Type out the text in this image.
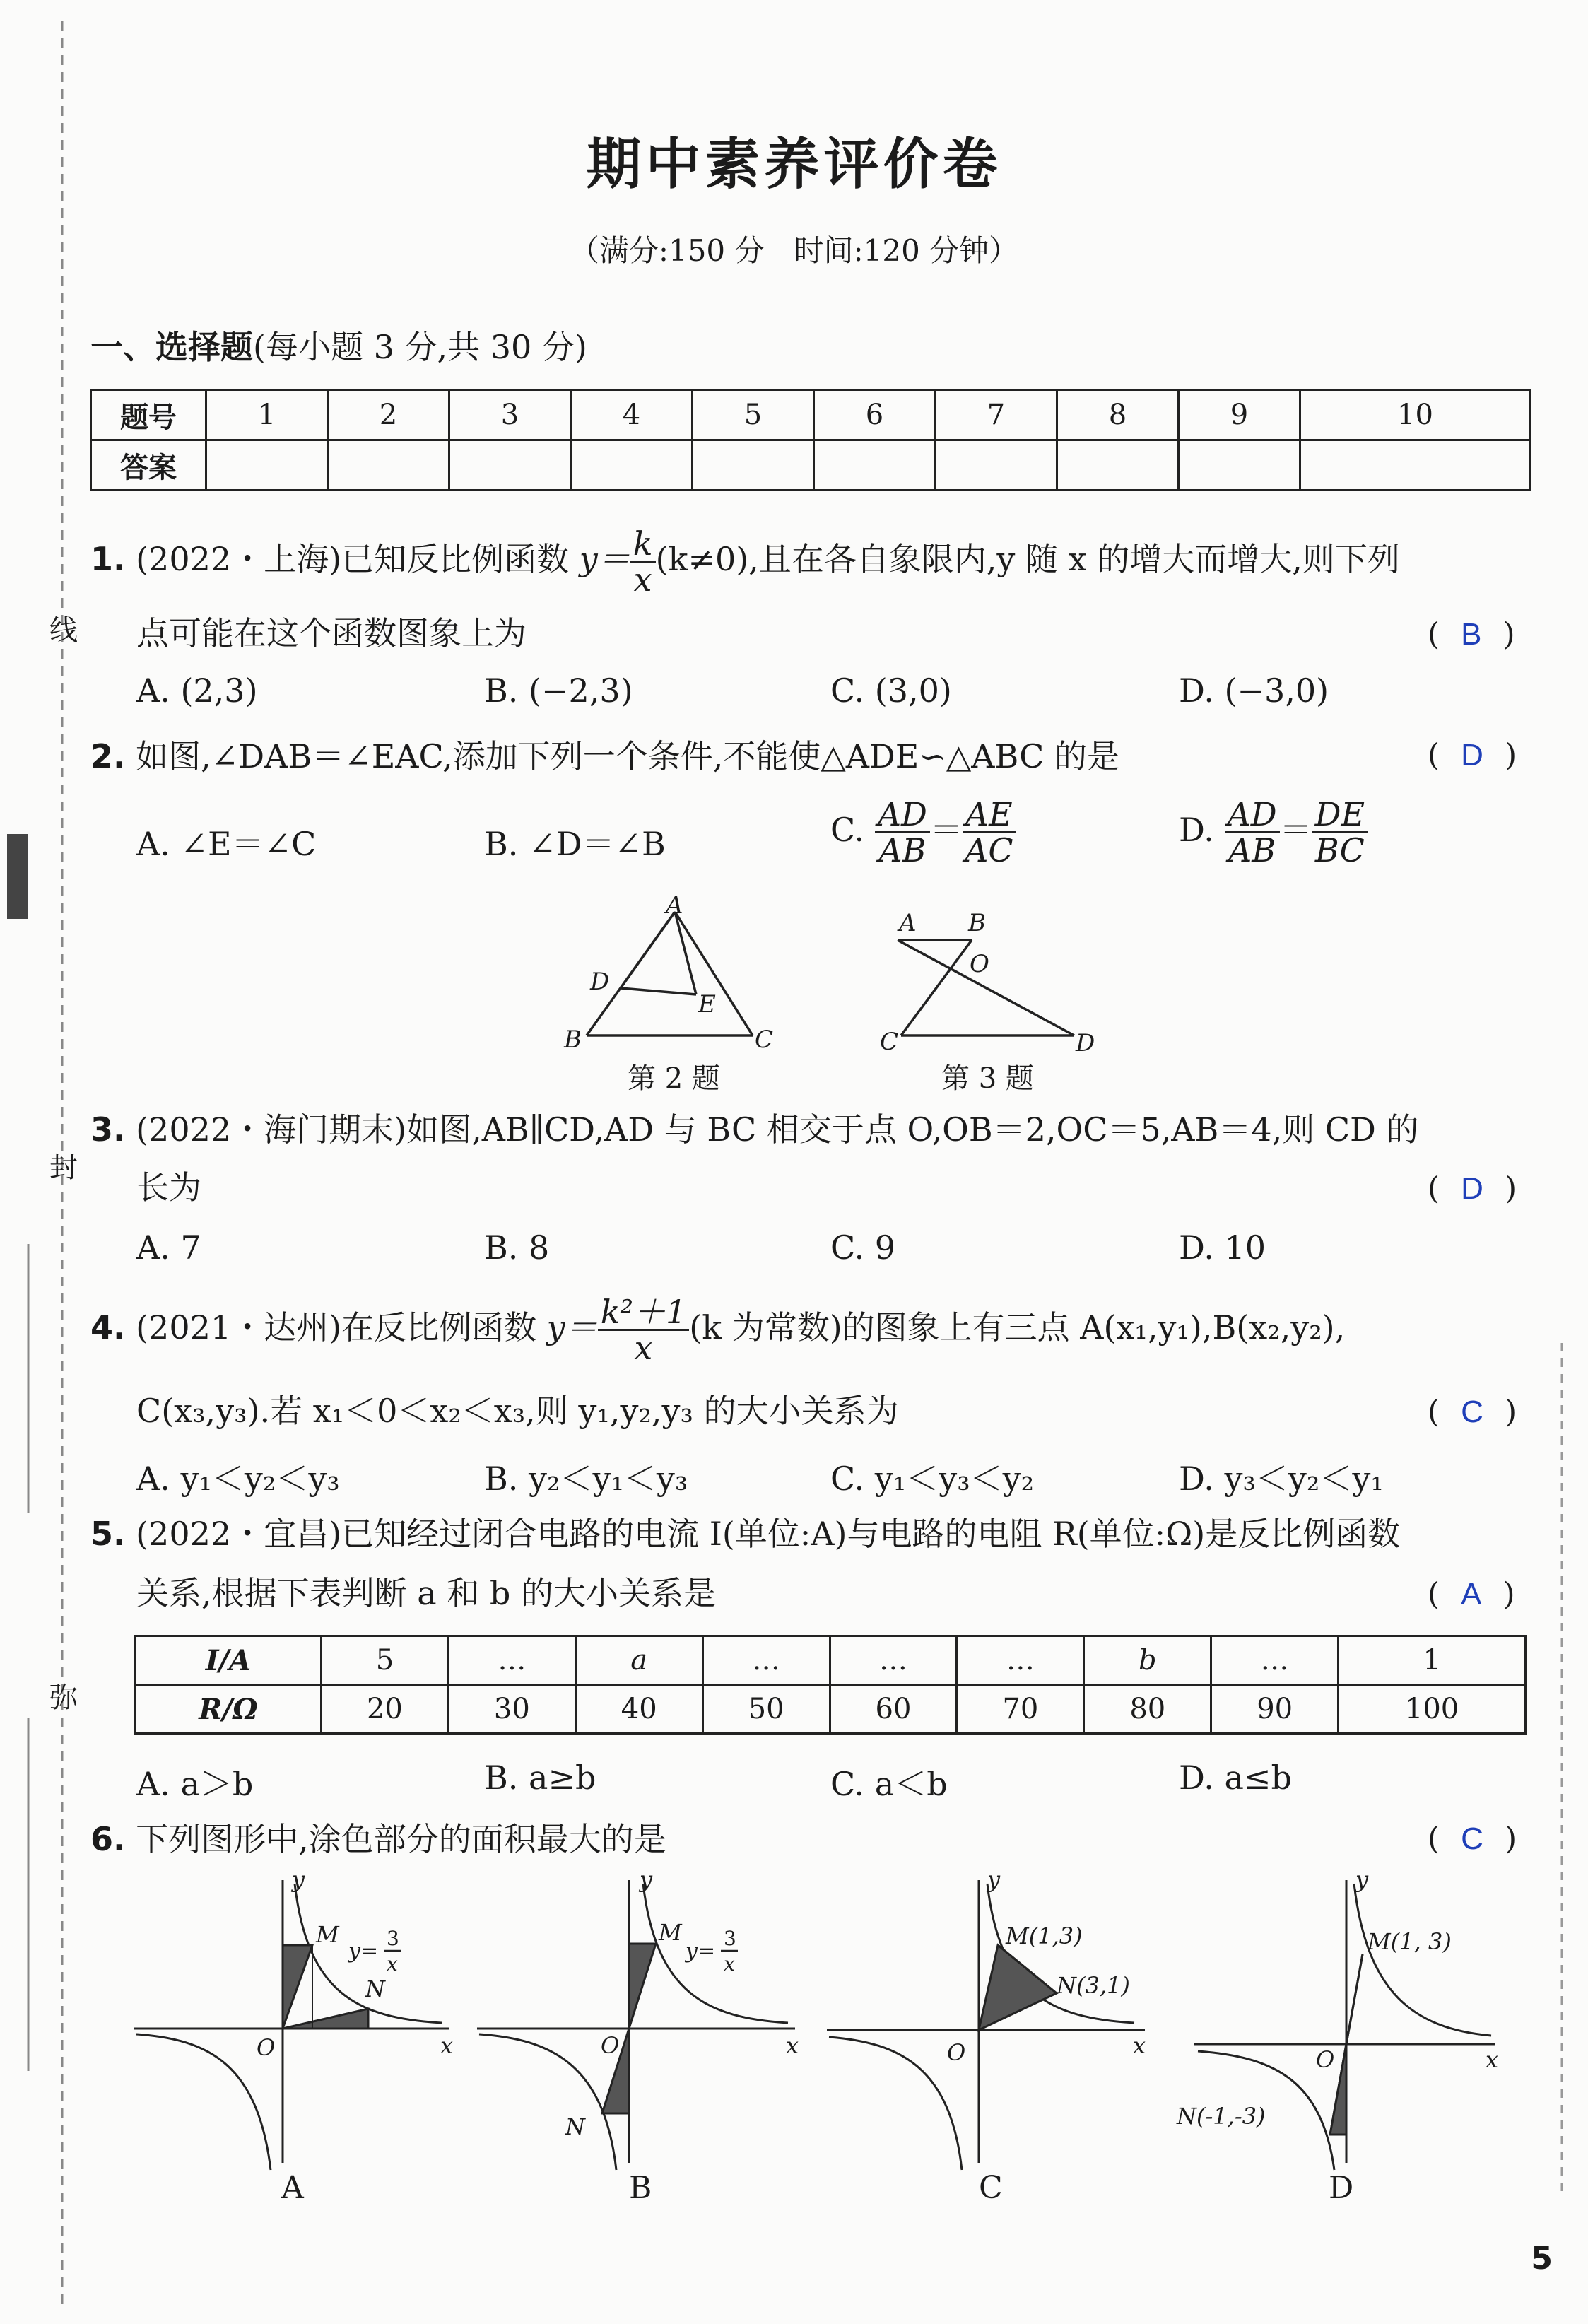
线
封
弥
期中素养评价卷
（满分:150 分　时间:120 分钟）
一、选择题(每小题 3 分,共 30 分)
题号	1	2	3	4	5	6	7	8	9	10
答案										
1. (2022・上海)已知反比例函数 $y= \frac{k}{x} (k\ne 0)$,且在各自象限内,y 随 x 的增大而增大,则下列
点可能在这个函数图象上为	( B )
A. (2,3)	B. (−2,3)	C. (3,0)	D. (−3,0)
2. 如图,∠DAB＝∠EAC,添加下列一个条件,不能使△ADE∽△ABC 的是	( D )
A. ∠E＝∠C	B. ∠D＝∠B	C. $\frac{AD}{AB} = \frac{AE}{AC}$	D. $\frac{AD}{AB} = \frac{DE}{BC}$
A
D
E
B	C
第 2 题
A B
O
C	D
第 3 题
3. (2022・海门期末)如图,AB∥CD,AD 与 BC 相交于点 O,OB＝2,OC＝5,AB＝4,则 CD 的
长为	( D )
A. 7	B. 8	C. 9	D. 10
4. (2021・达州)在反比例函数 $y= \frac{\text{k²＋1}}{x} (k$ 为常数)的图象上有三点 A(x₁,y₁),B(x₂,y₂),
C(x₃,y₃).若 x₁＜0＜x₂＜x₃,则 y₁,y₂,y₃ 的大小关系为	( C )
A. y₁＜y₂＜y₃	B. y₂＜y₁＜y₃	C. y₁＜y₃＜y₂	D. y₃＜y₂＜y₁
5. (2022・宜昌)已知经过闭合电路的电流 I(单位:A)与电路的电阻 R(单位:Ω)是反比例函数
关系,根据下表判断 a 和 b 的大小关系是	( A )
I/A	5	…	a	…	…	…	b	…	1
R/Ω	20	30	40	50	60	70	80	90	100
A. a＞b	B. a≥b	C. a＜b	D. a≤b
6. 下列图形中,涂色部分的面积最大的是	( C )
y
M
N
O	x
y=
3
x
A
y
M
O	x
N
y=
3
x
B
y
M(1,3)
N(3,1)
O	x
C
y
M(1, 3)
O	x
N(-1,-3)
D
5
